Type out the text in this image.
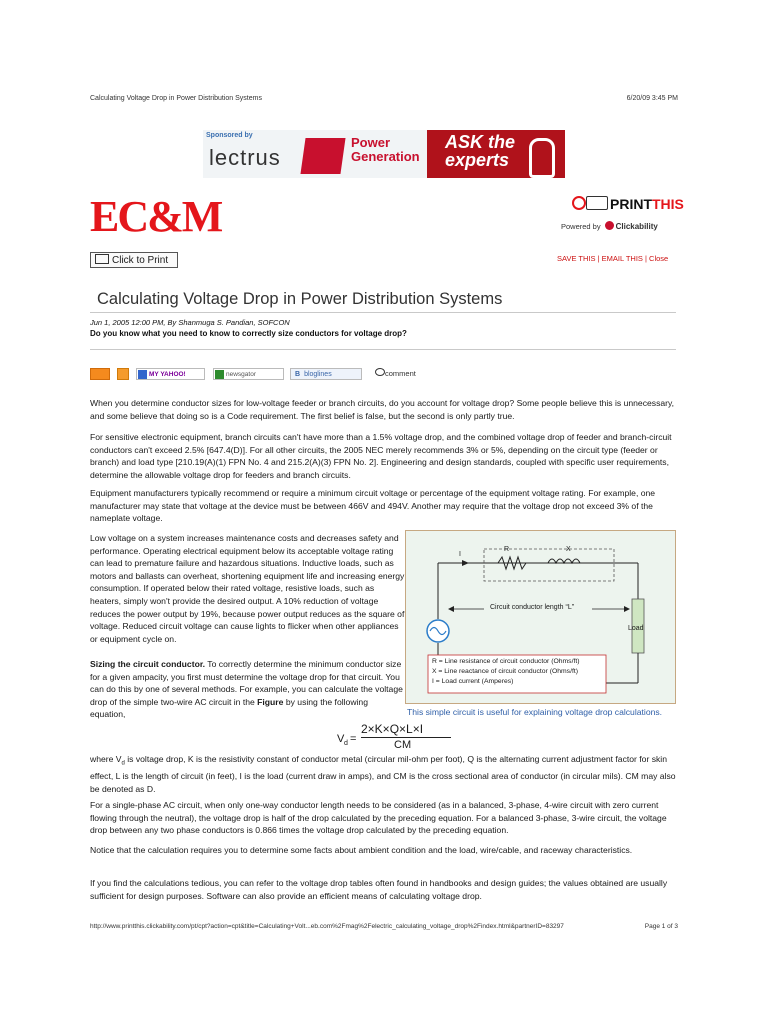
Calculating Voltage Drop in Power Distribution Systems	6/20/09 3:45 PM
Sponsored by
lectrus
Power Generation
ASK the experts
EC&M	PRINTTHIS
Powered by Clickability
Click to Print	SAVE THIS | EMAIL THIS | Close
Calculating Voltage Drop in Power Distribution Systems
Jun 1, 2005 12:00 PM, By Shanmuga S. Pandian, SOFCON
Do you know what you need to know to correctly size conductors for voltage drop?
MY YAHOO!	newsgator	B bloglines	comment

When you determine conductor sizes for low-voltage feeder or branch circuits, do you account for voltage drop? Some people believe this is unnecessary, and some believe that doing so is a Code requirement. The first belief is false, but the second is only partly true.

For sensitive electronic equipment, branch circuits can't have more than a 1.5% voltage drop, and the combined voltage drop of feeder and branch-circuit conductors can't exceed 2.5% [647.4(D)]. For all other circuits, the 2005 NEC merely recommends 3% or 5%, depending on the circuit type (feeder or branch) and load type [210.19(A)(1) FPN No. 4 and 215.2(A)(3) FPN No. 2]. Engineering and design standards, coupled with specific user requirements, determine the allowable voltage drop for feeders and branch circuits.

Equipment manufacturers typically recommend or require a minimum circuit voltage or percentage of the equipment voltage rating. For example, one manufacturer may state that voltage at the device must be between 466V and 494V. Another may require that the voltage drop not exceed 3% of the nameplate voltage.

Low voltage on a system increases maintenance costs and decreases safety and performance. Operating electrical equipment below its acceptable voltage rating can lead to premature failure and hazardous situations. Inductive loads, such as motors and ballasts can overheat, shortening equipment life and increasing energy consumption. If operated below their rated voltage, resistive loads, such as heaters, simply won't provide the desired output. A 10% reduction of voltage reduces the power output by 19%, because power output reduces as the square of voltage. Reduced circuit voltage can cause lights to flicker when other appliances or equipment cycle on.

Sizing the circuit conductor. To correctly determine the minimum conductor size for a given ampacity, you first must determine the voltage drop for that circuit. You can do this by one of several methods. For example, you can calculate the voltage drop of the simple two-wire AC circuit in the Figure by using the following equation,

I
R	X
Circuit conductor length “L”
Load
R = Line resistance of circuit conductor (Ohms/ft)
X = Line reactance of circuit conductor (Ohms/ft)
I = Load current (Amperes)
This simple circuit is useful for explaining voltage drop calculations.
V d =
2×K×Q×L×I
CM

where $V_d$ is voltage drop, K is the resistivity constant of conductor metal (circular mil-ohm per foot), Q is the alternating current adjustment factor for skin effect, L is the length of circuit (in feet), I is the load (current draw in amps), and CM is the cross sectional area of conductor (in circular mils). CM may also be denoted as D.

For a single-phase AC circuit, when only one-way conductor length needs to be considered (as in a balanced, 3-phase, 4-wire circuit with zero current flowing through the neutral), the voltage drop is half of the drop calculated by the preceding equation. For a balanced 3-phase, 3-wire circuit, the voltage drop between any two phase conductors is 0.866 times the voltage drop calculated by the preceding equation.

Notice that the calculation requires you to determine some facts about ambient condition and the load, wire/cable, and raceway characteristics.

If you find the calculations tedious, you can refer to the voltage drop tables often found in handbooks and design guides; the values obtained are usually sufficient for design purposes. Software can also provide an efficient means of calculating voltage drop.

http://www.printthis.clickability.com/pt/cpt?action=cpt&title=Calculating+Volt...eb.com%2Fmag%2Felectric_calculating_voltage_drop%2Findex.html&partnerID=83297	Page 1 of 3
